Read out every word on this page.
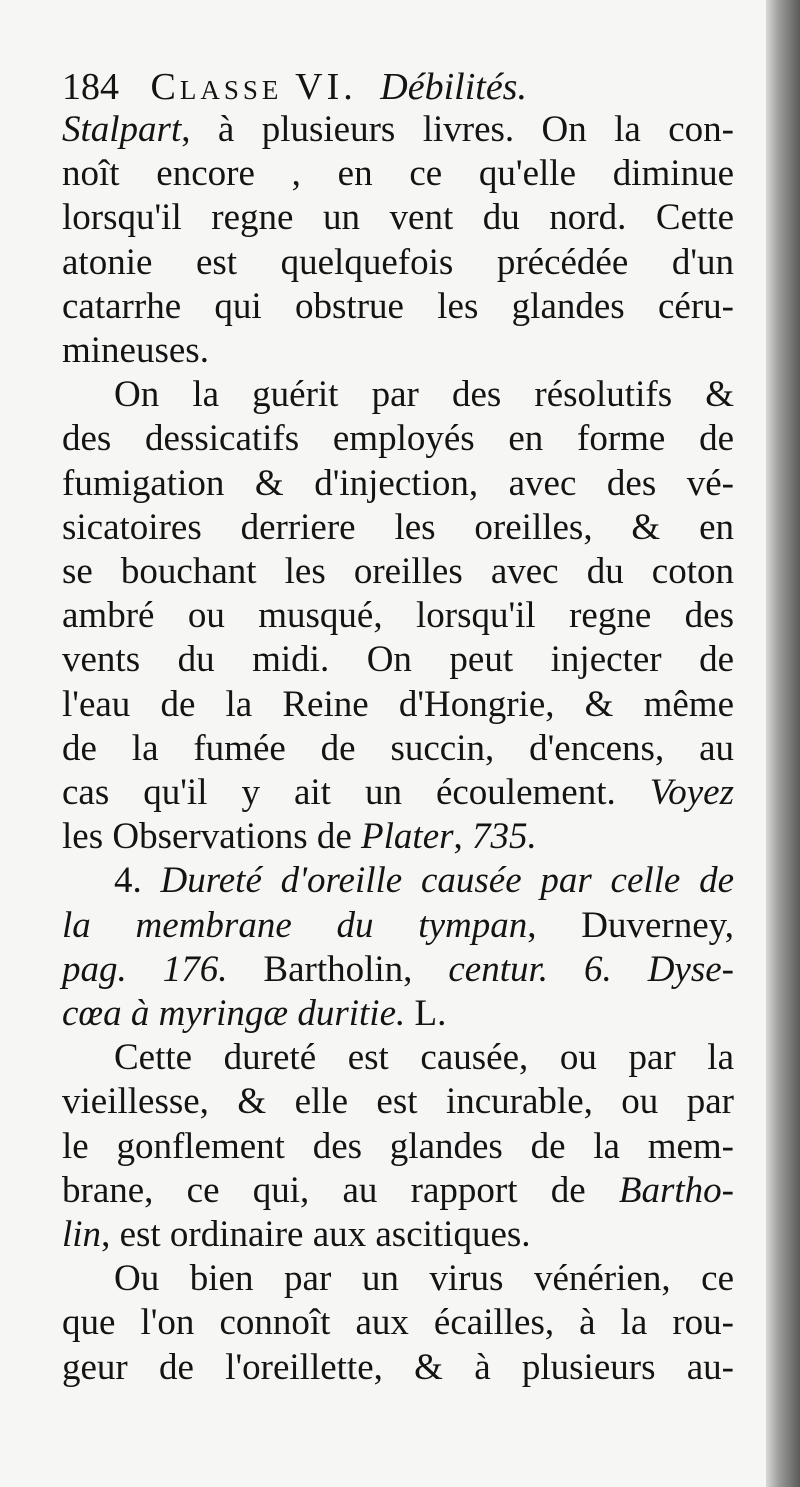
184 Classe VI. Débilités.
Stalpart, à plusieurs livres. On la con-
noît encore , en ce qu'elle diminue
lorsqu'il regne un vent du nord. Cette
atonie est quelquefois précédée d'un
catarrhe qui obstrue les glandes céru-
mineuses.
On la guérit par des résolutifs &
des dessicatifs employés en forme de
fumigation & d'injection, avec des vé-
sicatoires derriere les oreilles, & en
se bouchant les oreilles avec du coton
ambré ou musqué, lorsqu'il regne des
vents du midi. On peut injecter de
l'eau de la Reine d'Hongrie, & même
de la fumée de succin, d'encens, au
cas qu'il y ait un écoulement. Voyez
les Observations de Plater, 735.
4. Dureté d'oreille causée par celle de
la membrane du tympan, Duverney,
pag. 176. Bartholin, centur. 6. Dyse-
cœa à myringæ duritie. L.
Cette dureté est causée, ou par la
vieillesse, & elle est incurable, ou par
le gonflement des glandes de la mem-
brane, ce qui, au rapport de Bartho-
lin, est ordinaire aux ascitiques.
Ou bien par un virus vénérien, ce
que l'on connoît aux écailles, à la rou-
geur de l'oreillette, & à plusieurs au-
